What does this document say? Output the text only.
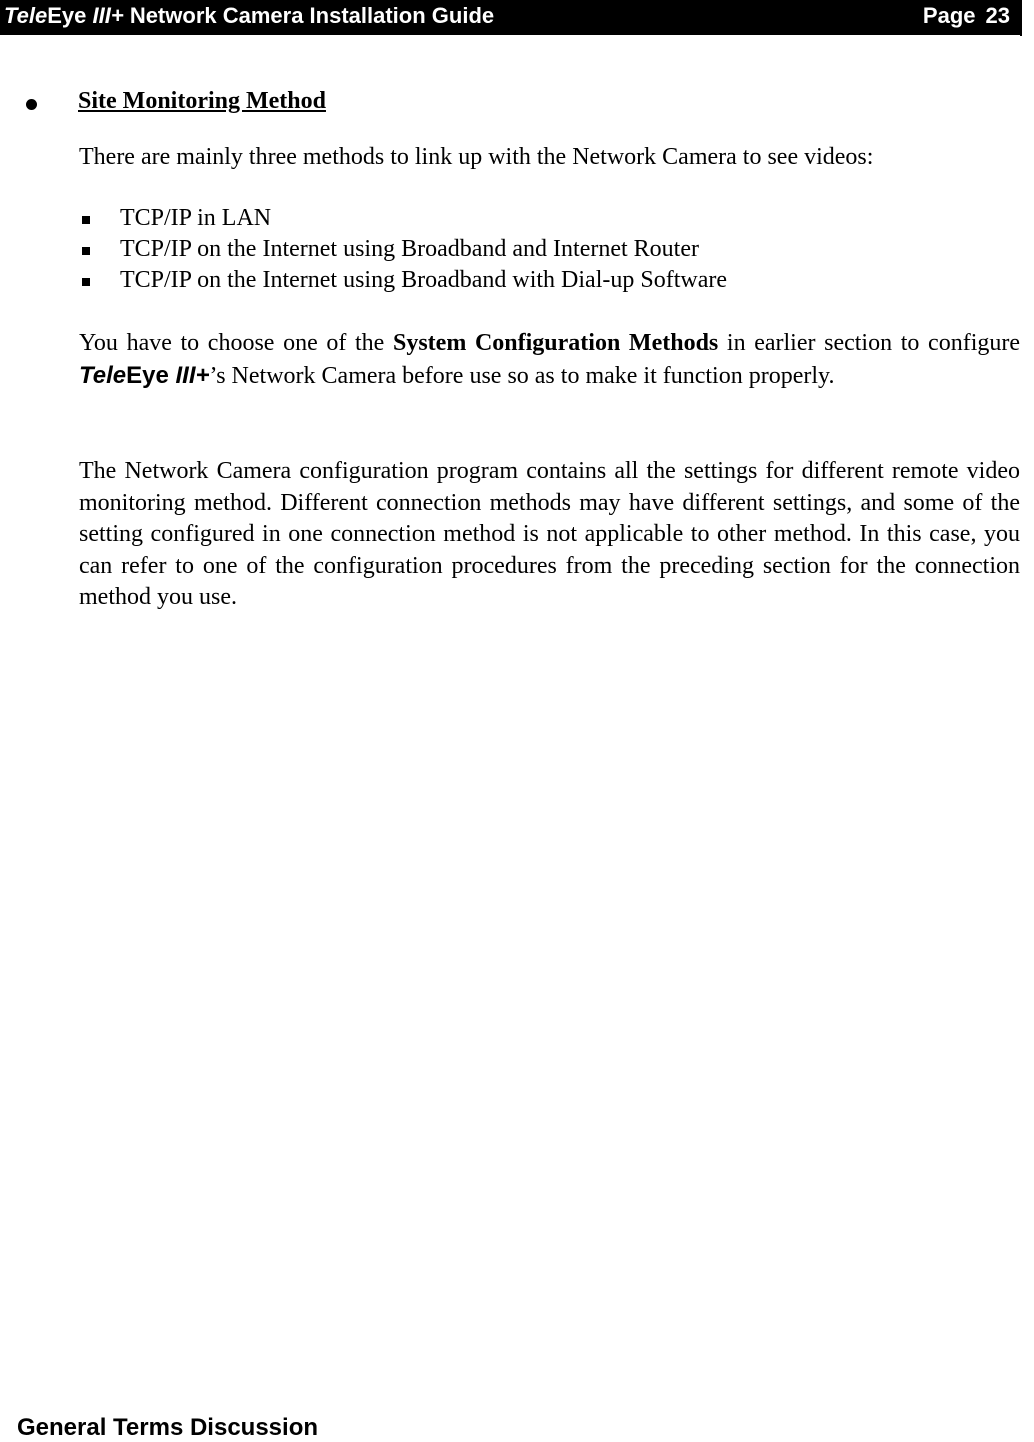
TeleEye III+ Network Camera Installation Guide	Page 23
Site Monitoring Method
There are mainly three methods to link up with the Network Camera to see videos:
TCP/IP in LAN
TCP/IP on the Internet using Broadband and Internet Router
TCP/IP on the Internet using Broadband with Dial-up Software
You have to choose one of the System Configuration Methods in earlier section to configure TeleEye III+’s Network Camera before use so as to make it function properly.
The Network Camera configuration program contains all the settings for different remote video monitoring method. Different connection methods may have different settings, and some of the setting configured in one connection method is not applicable to other method. In this case, you can refer to one of the configuration procedures from the preceding section for the connection method you use.
General Terms Discussion
